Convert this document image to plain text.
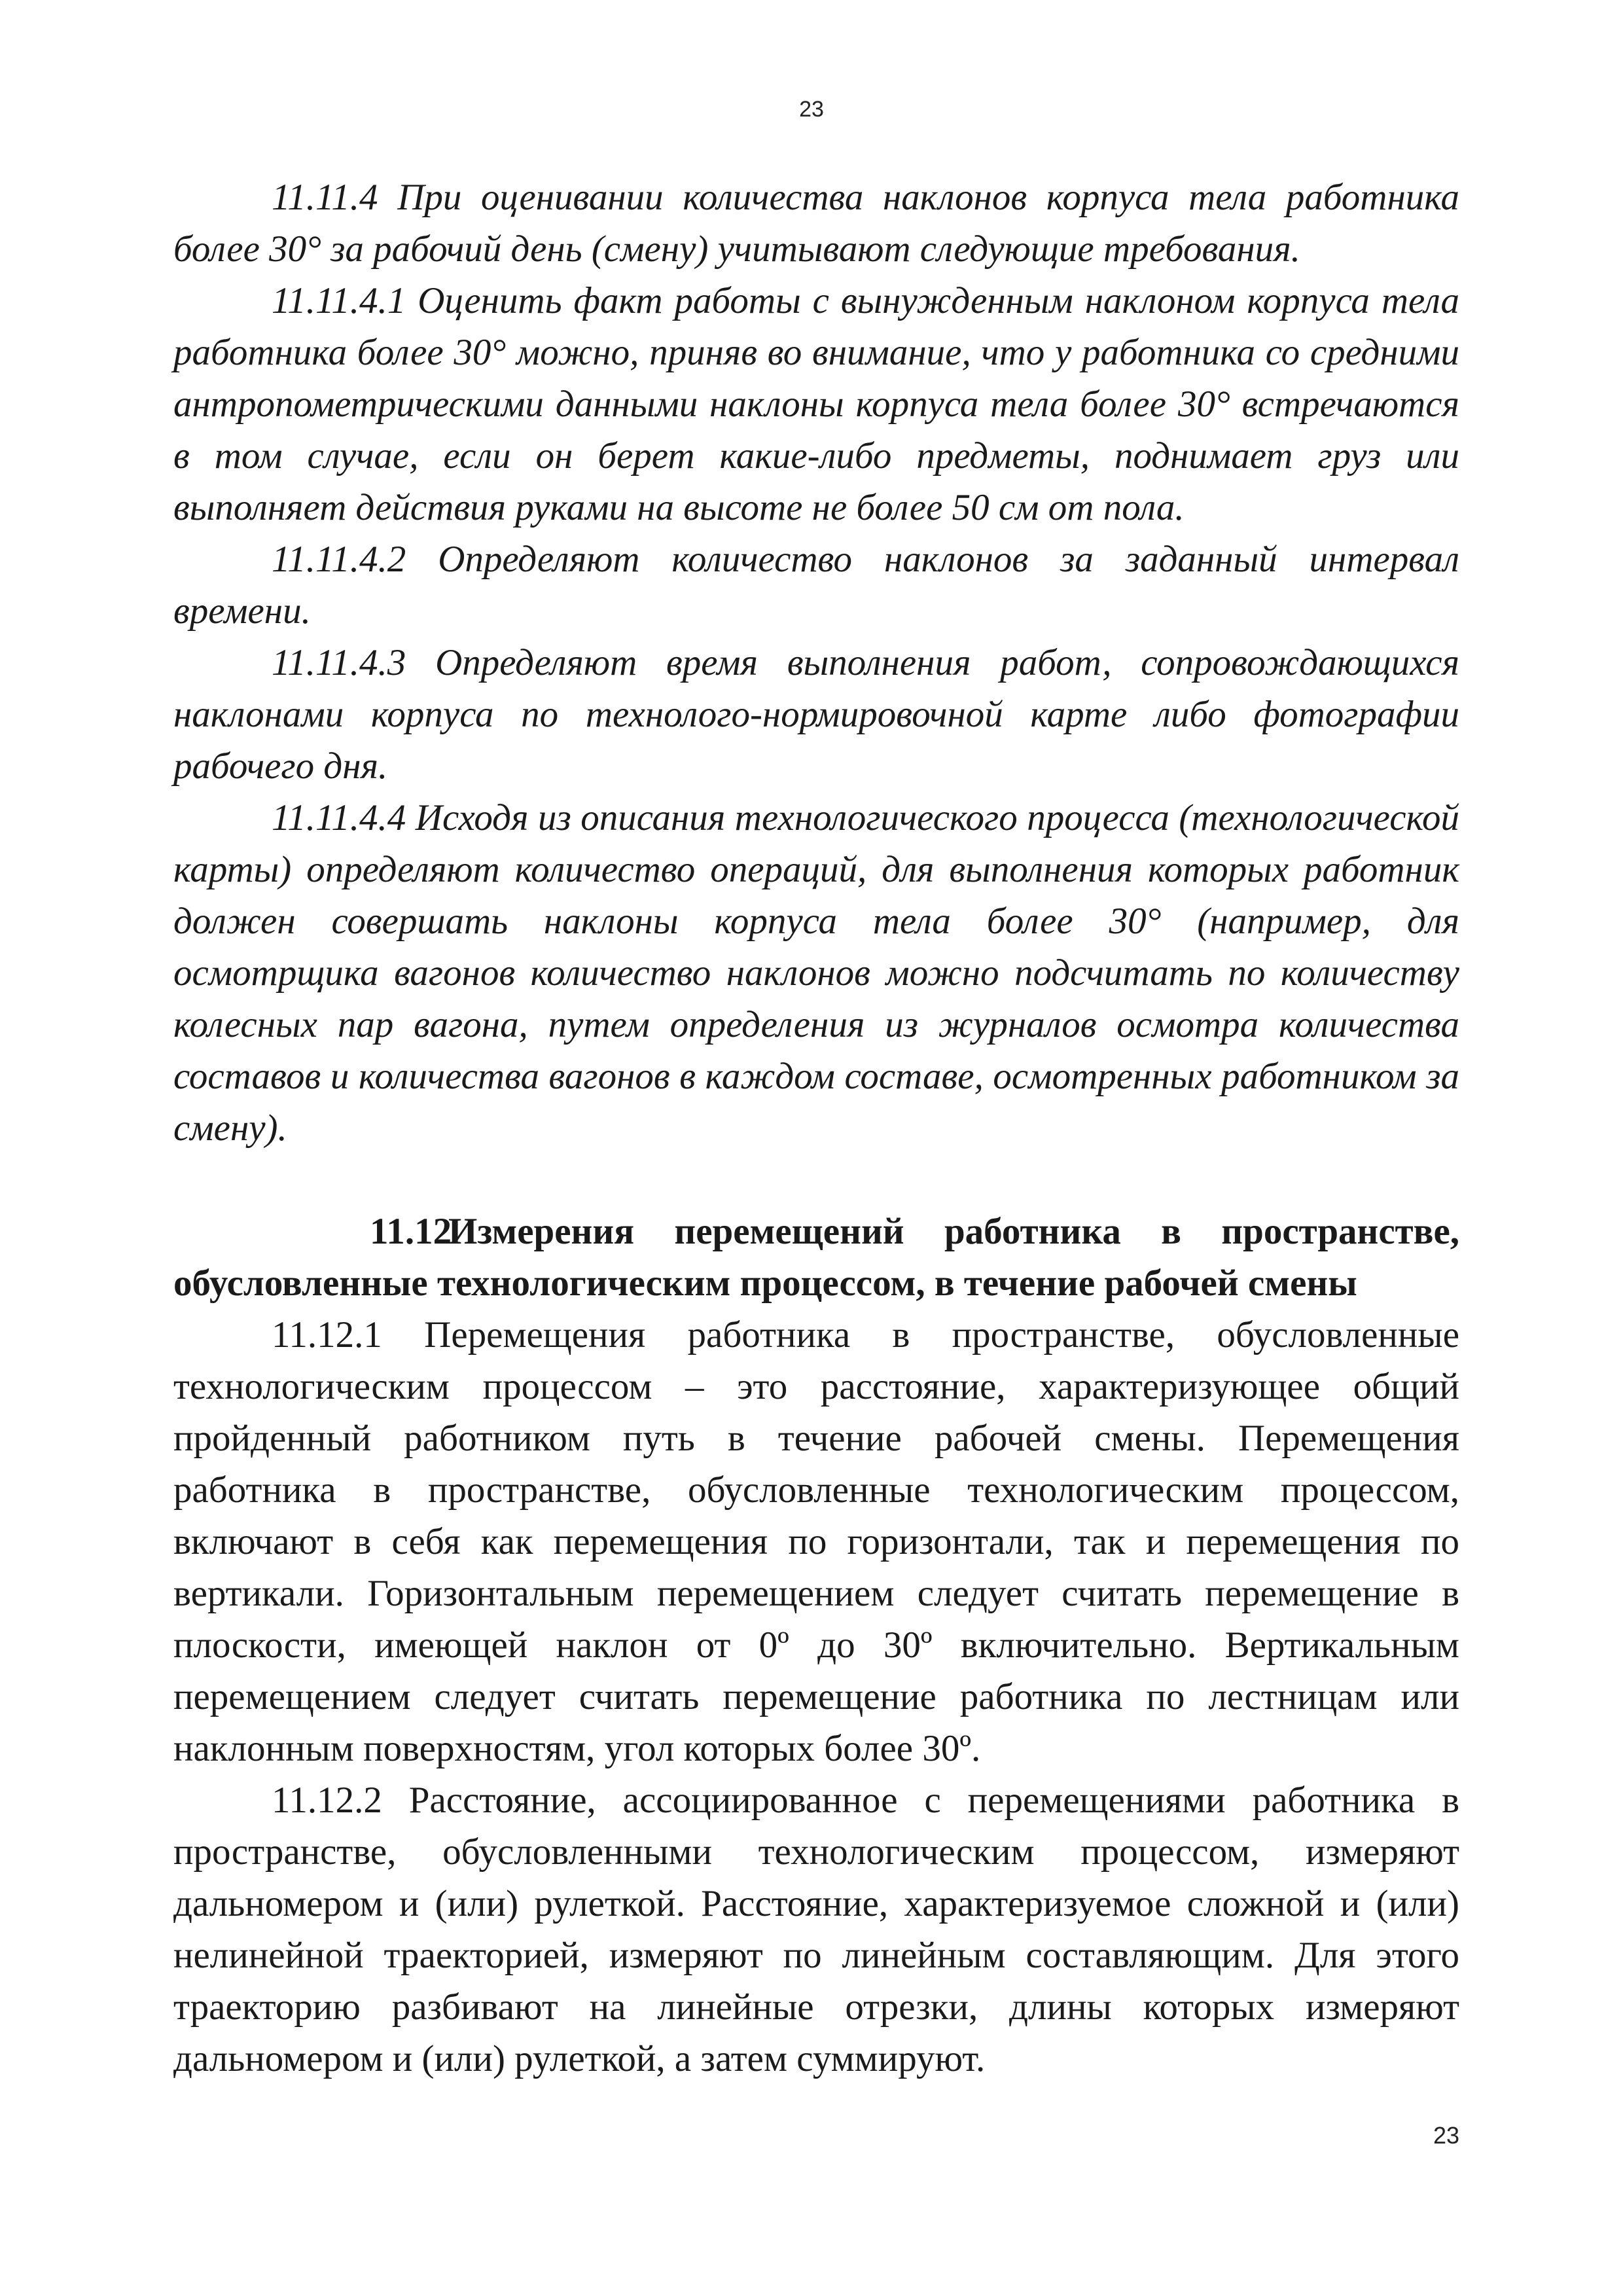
23

11.11.4 При оценивании количества наклонов корпуса тела работника более 30° за рабочий день (смену) учитывают следующие требования.

11.11.4.1 Оценить факт работы с вынужденным наклоном корпуса тела работника более 30° можно, приняв во внимание, что у работника со средними антропометрическими данными наклоны корпуса тела более 30° встречаются в том случае, если он берет какие-либо предметы, поднимает груз или выполняет действия руками на высоте не более 50 см от пола.

11.11.4.2 Определяют количество наклонов за заданный интервал времени.

11.11.4.3 Определяют время выполнения работ, сопровождающихся наклонами корпуса по технолого-нормировочной карте либо фотографии рабочего дня.

11.11.4.4 Исходя из описания технологического процесса (технологической карты) определяют количество операций, для выполнения которых работник должен совершать наклоны корпуса тела более 30° (например, для осмотрщика вагонов количество наклонов можно подсчитать по количеству колесных пар вагона, путем определения из журналов осмотра количества составов и количества вагонов в каждом составе, осмотренных работником за смену).

11.12Измерения перемещений работника в пространстве, обусловленные технологическим процессом, в течение рабочей смены

11.12.1 Перемещения работника в пространстве, обусловленные технологическим процессом – это расстояние, характеризующее общий пройденный работником путь в течение рабочей смены. Перемещения работника в пространстве, обусловленные технологическим процессом, включают в себя как перемещения по горизонтали, так и перемещения по вертикали. Горизонтальным перемещением следует считать перемещение в плоскости, имеющей наклон от 0º до 30º включительно. Вертикальным перемещением следует считать перемещение работника по лестницам или наклонным поверхностям, угол которых более 30º.

11.12.2 Расстояние, ассоциированное с перемещениями работника в пространстве, обусловленными технологическим процессом, измеряют дальномером и (или) рулеткой. Расстояние, характеризуемое сложной и (или) нелинейной траекторией, измеряют по линейным составляющим. Для этого траекторию разбивают на линейные отрезки, длины которых измеряют дальномером и (или) рулеткой, а затем суммируют.

23
